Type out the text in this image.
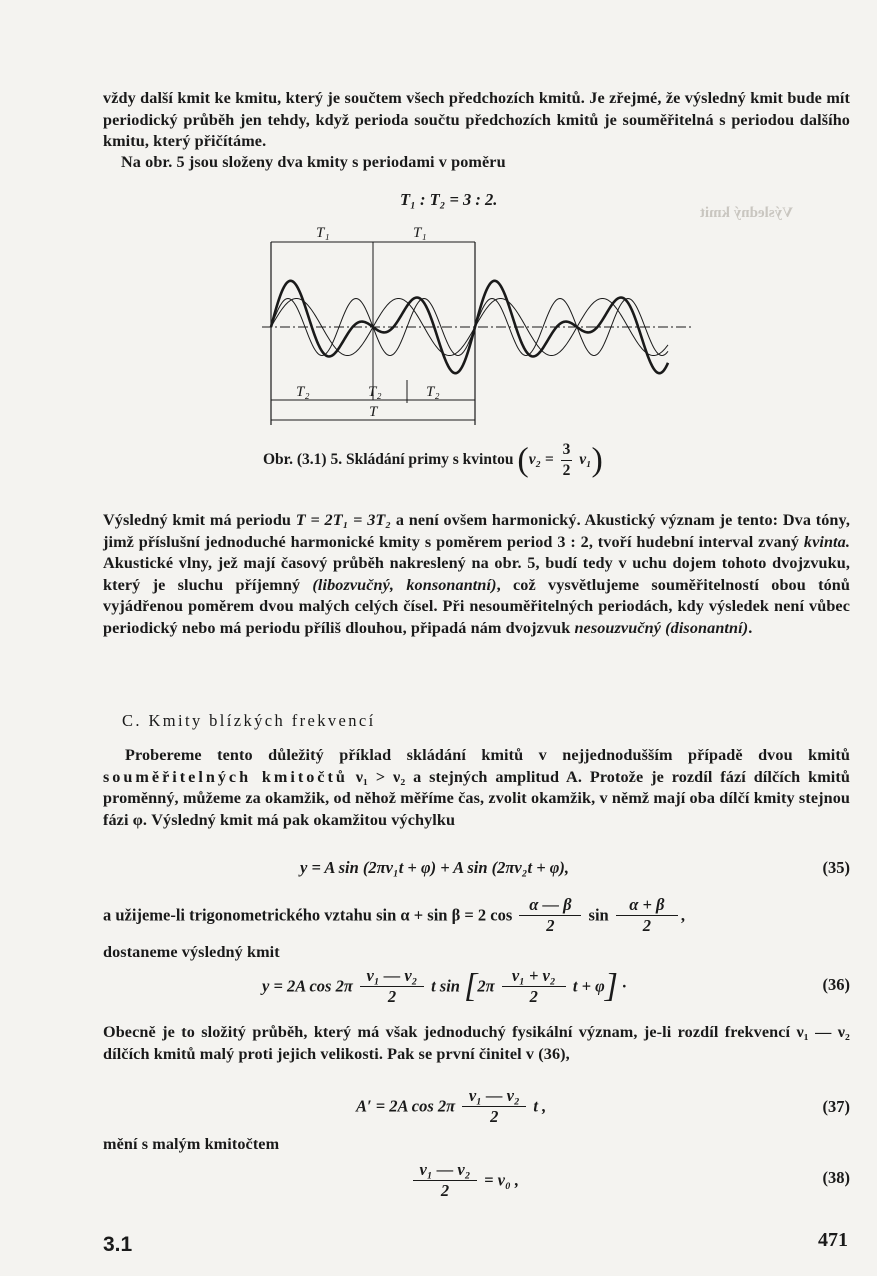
Výsledný kmit
vždy další kmit ke kmitu, který je součtem všech předchozích kmitů. Je zřejmé, že výsledný kmit bude mít periodický průběh jen tehdy, když perioda součtu předchozích kmitů je souměřitelná s periodou dalšího kmitu, který přičítáme.
Na obr. 5 jsou složeny dva kmity s periodami v poměru
T₁ : T₂ = 3 : 2.
T₁	T₁
T₂	T₂	T₂
T
Obr. (3.1) 5. Skládání primy s kvintou $(\nu_2 = \frac{3}{2} \nu_1)$
Výsledný kmit má periodu T = 2T₁ = 3T₂ a není ovšem harmonický. Akustický význam je tento: Dva tóny, jimž příslušní jednoduché harmonické kmity s poměrem period 3 : 2, tvoří hudební interval zvaný kvinta. Akustické vlny, jež mají časový průběh nakreslený na obr. 5, budí tedy v uchu dojem tohoto dvojzvuku, který je sluchu příjemný (libozvučný, konsonantní), což vysvětlujeme souměřitelností obou tónů vyjádřenou poměrem dvou malých celých čísel. Při nesouměřitelných periodách, kdy výsledek není vůbec periodický nebo má periodu příliš dlouhou, připadá nám dvojzvuk nesouzvučný (disonantní).
C. Kmity blízkých frekvencí
Probereme tento důležitý příklad skládání kmitů v nejjednodušším případě dvou kmitů souměřitelných kmitočtů ν₁ > ν₂ a stejných amplitud A. Protože je rozdíl fází dílčích kmitů proměnný, můžeme za okamžik, od něhož měříme čas, zvolit okamžik, v němž mají oba dílčí kmity stejnou fázi φ. Výsledný kmit má pak okamžitou výchylku
y = A sin (2πν₁t + φ) + A sin (2πν₂t + φ),	(35)
a užijeme-li trigonometrického vztahu sin α + sin β = 2 $\cos \frac{\alpha — \beta}{2}$ $\sin \frac{\alpha + \beta}{2}$ ,
dostaneme výsledný kmit
y = 2A $\cos 2\pi \frac{\text{ν₁ — ν₂}}{2}$ t $\sin [2\pi \frac{\text{ν₁ + ν₂}}{2}$ t + φ] ·	(36)
Obecně je to složitý průběh, který má však jednoduchý fysikální význam, je-li rozdíl frekvencí ν₁ — ν₂ dílčích kmitů malý proti jejich velikosti. Pak se první činitel v (36),
A′ = 2A $\cos 2\pi \frac{\text{ν₁ — ν₂}}{2}$ t ,	(37)
mění s malým kmitočtem
$\frac{\text{ν₁ — ν₂}}{2} = \nu_0$ ,	(38)
3.1	471
